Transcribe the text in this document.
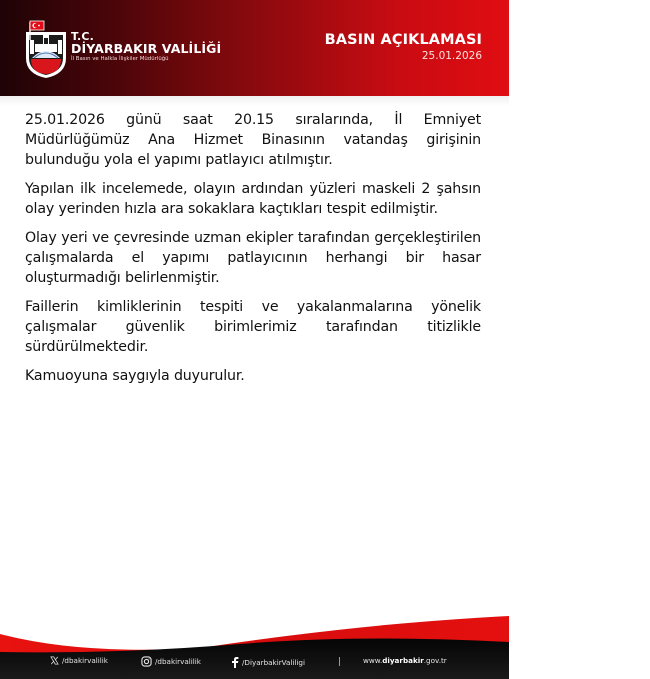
T.C.
DİYARBAKIR VALİLİĞİ
İl Basın ve Halkla İlişkiler Müdürlüğü
BASIN AÇIKLAMASI
25.01.2026

25.01.2026 günü saat 20.15 sıralarında, İl Emniyet Müdürlüğümüz Ana Hizmet Binasının vatandaş girişinin bulunduğu yola el yapımı patlayıcı atılmıştır.

Yapılan ilk incelemede, olayın ardından yüzleri maskeli 2 şahsın olay yerinden hızla ara sokaklara kaçtıkları tespit edilmiştir.

Olay yeri ve çevresinde uzman ekipler tarafından gerçekleştirilen çalışmalarda el yapımı patlayıcının herhangi bir hasar oluşturmadığı belirlenmiştir.

Faillerin kimliklerinin tespiti ve yakalanmalarına yönelik çalışmalar güvenlik birimlerimiz tarafından titizlikle sürdürülmektedir.

Kamuoyuna saygıyla duyurulur.

/dbakirvalilik	/dbakirvalilik	/DiyarbakirValiligi	www.diyarbakir.gov.tr
